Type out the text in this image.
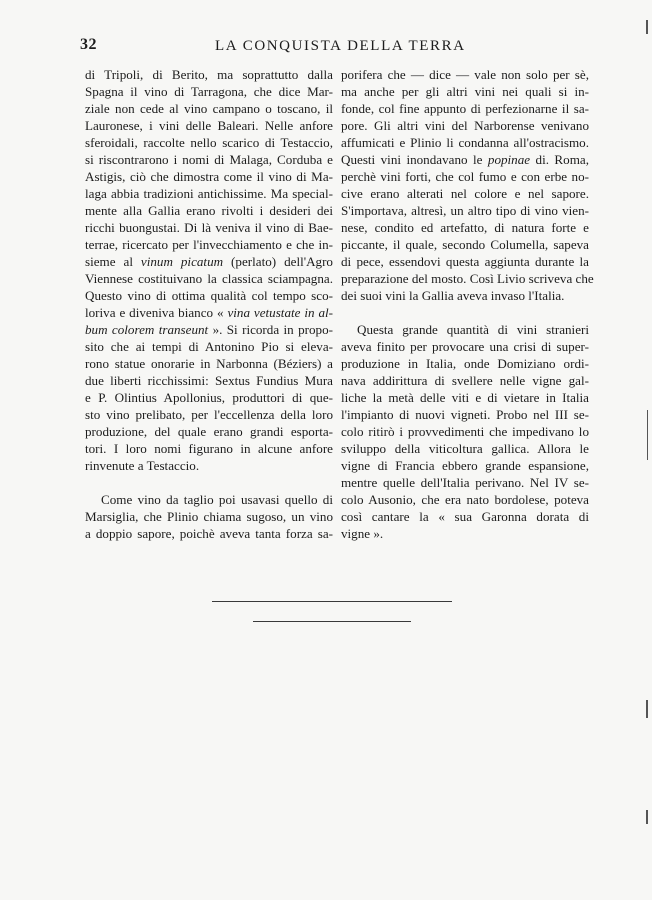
32	LA CONQUISTA DELLA TERRA
di Tripoli, di Berito, ma soprattutto dalla
Spagna il vino di Tarragona, che dice Mar-
ziale non cede al vino campano o toscano, il
Lauronese, i vini delle Baleari. Nelle anfore
sferoidali, raccolte nello scarico di Testaccio,
si riscontrarono i nomi di Malaga, Corduba e
Astigis, ciò che dimostra come il vino di Ma-
laga abbia tradizioni antichissime. Ma special-
mente alla Gallia erano rivolti i desideri dei
ricchi buongustai. Di là veniva il vino di Bae-
terrae, ricercato per l'invecchiamento e che in-
sieme al vinum picatum (perlato) dell'Agro
Viennese costituivano la classica sciampagna.
Questo vino di ottima qualità col tempo sco-
loriva e diveniva bianco « vina vetustate in al-
bum colorem transeunt ». Si ricorda in propo-
sito che ai tempi di Antonino Pio si eleva-
rono statue onorarie in Narbonna (Béziers) a
due liberti ricchissimi: Sextus Fundius Mura
e P. Olintius Apollonius, produttori di que-
sto vino prelibato, per l'eccellenza della loro
produzione, del quale erano grandi esporta-
tori. I loro nomi figurano in alcune anfore
rinvenute a Testaccio.
Come vino da taglio poi usavasi quello di
Marsiglia, che Plinio chiama sugoso, un vino
a doppio sapore, poichè aveva tanta forza sa-
porifera che — dice — vale non solo per sè,
ma anche per gli altri vini nei quali si in-
fonde, col fine appunto di perfezionarne il sa-
pore. Gli altri vini del Narborense venivano
affumicati e Plinio li condanna all'ostracismo.
Questi vini inondavano le popinae di. Roma,
perchè vini forti, che col fumo e con erbe no-
cive erano alterati nel colore e nel sapore.
S'importava, altresì, un altro tipo di vino vien-
nese, condito ed artefatto, di natura forte e
piccante, il quale, secondo Columella, sapeva
di pece, essendovi questa aggiunta durante la
preparazione del mosto. Così Livio scriveva che
dei suoi vini la Gallia aveva invaso l'Italia.
Questa grande quantità di vini stranieri
aveva finito per provocare una crisi di super-
produzione in Italia, onde Domiziano ordi-
nava addirittura di svellere nelle vigne gal-
liche la metà delle viti e di vietare in Italia
l'impianto di nuovi vigneti. Probo nel III se-
colo ritirò i provvedimenti che impedivano lo
sviluppo della viticoltura gallica. Allora le
vigne di Francia ebbero grande espansione,
mentre quelle dell'Italia perivano. Nel IV se-
colo Ausonio, che era nato bordolese, poteva
così cantare la « sua Garonna dorata di
vigne ».
